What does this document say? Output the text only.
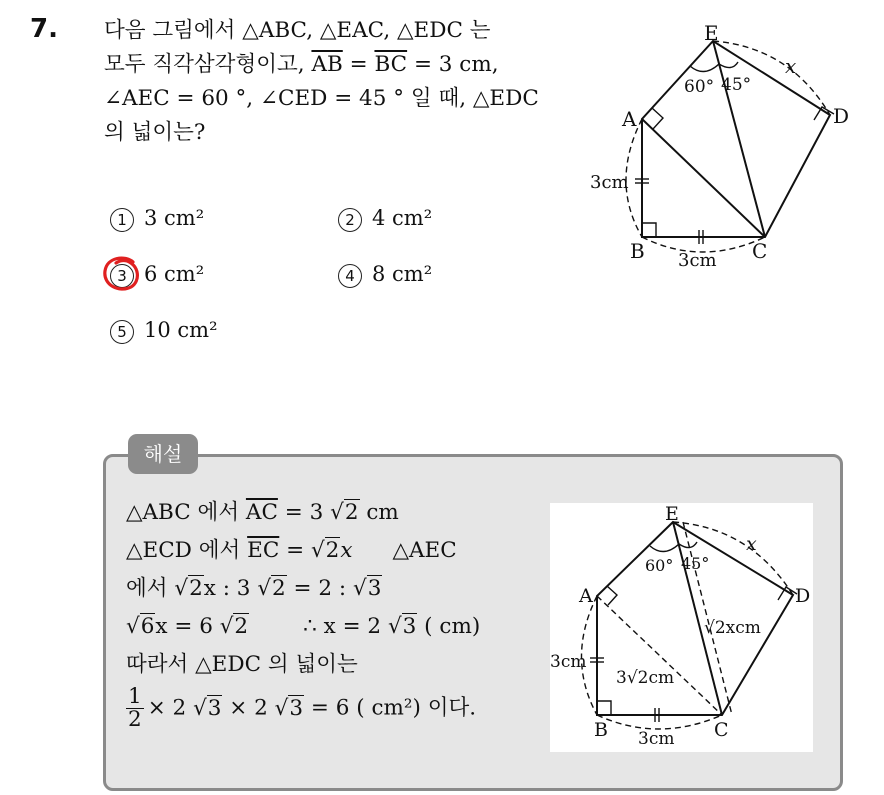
7. 다음 그림에서 △ABC, △EAC, △EDC 는
모두 직각삼각형이고, $\overline{AB} = \overline{BC} = 3$ cm,
∠AEC = 60 °, ∠CED = 45 ° 일 때, △EDC
의 넓이는?
1 3 cm²	2 4 cm²
3 6 cm²	4 8 cm²
5 10 cm²
E
A	D
B	C
60° 45°
x
3cm
3cm
해설
△ABC 에서 $\overline{AC} = 3$ √2 cm
△ECD 에서 $\overline{EC} = √2x$ △AEC
에서 √2x : 3 √2 = 2 : √3
√6x = 6 √2	∴ x = 2 √3 ( cm)
따라서 △EDC 의 넓이는
$\frac{1}{2} \times 2$ √3 × 2 √3 = 6 ( cm²) 이다.
E
A	D
B	C
60° 45°
x
3cm
3cm
√2xcm
3√2cm
